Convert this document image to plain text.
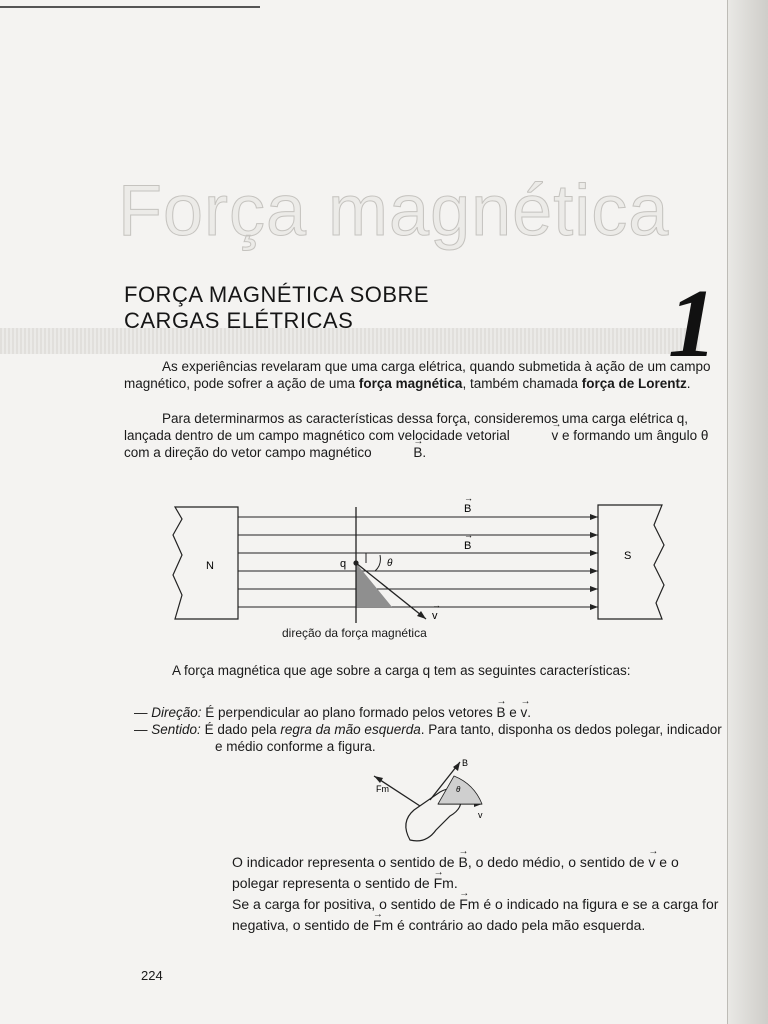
Força magnética
FORÇA MAGNÉTICA SOBRE
CARGAS ELÉTRICAS	1
As experiências revelaram que uma carga elétrica, quando submetida à ação de um campo magnético, pode sofrer a ação de uma força magnética, também chamada força de Lorentz.
Para determinarmos as características dessa força, consideremos uma carga elétrica q, lançada dentro de um campo magnético com velocidade vetorial	→ v e formando um ângulo θ com a direção do vetor campo magnético	→ B.
N
S
q	θ
B
B
v
→
→
→
direção da força magnética
A força magnética que age sobre a carga q tem as seguintes características:
— Direção: É perpendicular ao plano formado pelos vetores → B e → v.
— Sentido: É dado pela regra da mão esquerda. Para tanto, disponha os dedos polegar, indicador e médio conforme a figura.
Fm
B
v
θ
O indicador representa o sentido de → B, o dedo médio, o sentido de → v e o polegar representa o sentido de → Fm.
Se a carga for positiva, o sentido de → Fm é o indicado na figura e se a carga for negativa, o sentido de → Fm é contrário ao dado pela mão esquerda.
224
